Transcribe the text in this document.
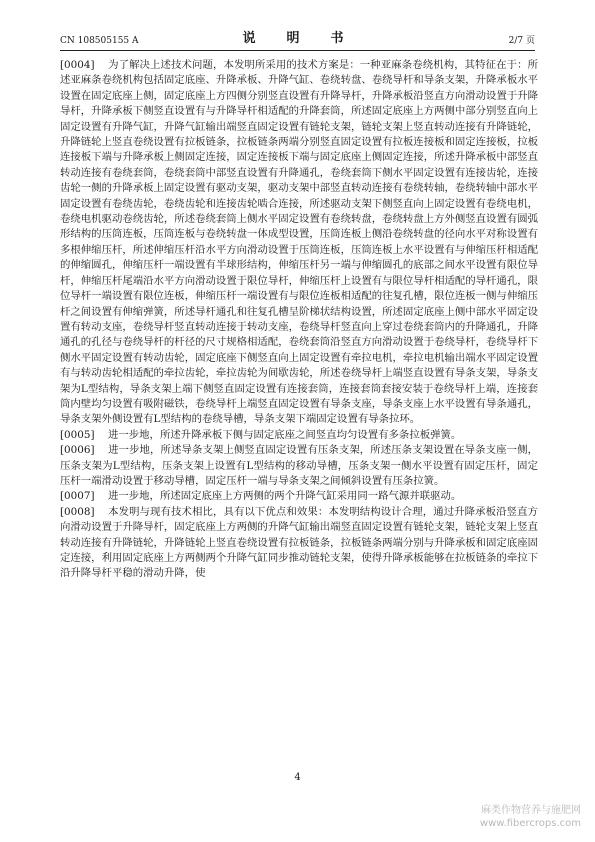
CN 108505155 A	说　明　书	2/7 页

[0004] 为了解决上述技术问题，本发明所采用的技术方案是：一种亚麻条卷绕机构，其特征在于：所述亚麻条卷绕机构包括固定底座、升降承板、升降气缸、卷绕转盘、卷绕导杆和导条支架，升降承板水平设置在固定底座上侧，固定底座上方四侧分别竖直设置有升降导杆，升降承板沿竖直方向滑动设置于升降导杆，升降承板下侧竖直设置有与升降导杆相适配的升降套筒，所述固定底座上方两侧中部分别竖直向上固定设置有升降气缸，升降气缸输出端竖直固定设置有链轮支架，链轮支架上竖直转动连接有升降链轮，升降链轮上竖直卷绕设置有拉板链条，拉板链条两端分别竖直固定设置有拉板连接板和固定连接板，拉板连接板下端与升降承板上侧固定连接，固定连接板下端与固定底座上侧固定连接，所述升降承板中部竖直转动连接有卷绕套筒，卷绕套筒中部竖直设置有升降通孔，卷绕套筒下侧水平固定设置有连接齿轮，连接齿轮一侧的升降承板上固定设置有驱动支架，驱动支架中部竖直转动连接有卷绕转轴，卷绕转轴中部水平固定设置有卷绕齿轮，卷绕齿轮和连接齿轮啮合连接，所述驱动支架下侧竖直向上固定设置有卷绕电机，卷绕电机驱动卷绕齿轮，所述卷绕套筒上侧水平固定设置有卷绕转盘，卷绕转盘上方外侧竖直设置有圆弧形结构的压筒连板，压筒连板与卷绕转盘一体成型设置，压筒连板上侧沿卷绕转盘的径向水平对称设置有多根伸缩压杆，所述伸缩压杆沿水平方向滑动设置于压筒连板，压筒连板上水平设置有与伸缩压杆相适配的伸缩圆孔，伸缩压杆一端设置有半球形结构，伸缩压杆另一端与伸缩圆孔的底部之间水平设置有限位导杆，伸缩压杆尾端沿水平方向滑动设置于限位导杆，伸缩压杆上设置有与限位导杆相适配的导杆通孔，限位导杆一端设置有限位连板，伸缩压杆一端设置有与限位连板相适配的往复孔槽，限位连板一侧与伸缩压杆之间设置有伸缩弹簧，所述导杆通孔和往复孔槽呈阶梯状结构设置，所述固定底座上侧中部水平固定设置有转动支座，卷绕导杆竖直转动连接于转动支座，卷绕导杆竖直向上穿过卷绕套筒内的升降通孔，升降通孔的孔径与卷绕导杆的杆径的尺寸规格相适配，卷绕套筒沿竖直方向滑动设置于卷绕导杆，卷绕导杆下侧水平固定设置有转动齿轮，固定底座下侧竖直向上固定设置有牵拉电机，牵拉电机输出端水平固定设置有与转动齿轮相适配的牵拉齿轮，牵拉齿轮为间歇齿轮，所述卷绕导杆上端竖直设置有导条支架，导条支架为L型结构，导条支架上端下侧竖直固定设置有连接套筒，连接套筒套接安装于卷绕导杆上端，连接套筒内壁均匀设置有吸附磁铁，卷绕导杆上端竖直固定设置有导条支座，导条支座上水平设置有导条通孔，导条支架外侧设置有L型结构的卷绕导槽，导条支架下端固定设置有导条拉环。

[0005] 进一步地，所述升降承板下侧与固定底座之间竖直均匀设置有多条拉板弹簧。

[0006] 进一步地，所述导条支架上侧竖直固定设置有压条支架，所述压条支架设置在导条支座一侧，压条支架为L型结构，压条支架上设置有L型结构的移动导槽，压条支架一侧水平设置有固定压杆，固定压杆一端滑动设置于移动导槽，固定压杆一端与导条支架之间倾斜设置有压条拉簧。

[0007] 进一步地，所述固定底座上方两侧的两个升降气缸采用同一路气源并联驱动。

[0008] 本发明与现有技术相比，具有以下优点和效果：本发明结构设计合理，通过升降承板沿竖直方向滑动设置于升降导杆，固定底座上方两侧的升降气缸输出端竖直固定设置有链轮支架，链轮支架上竖直转动连接有升降链轮，升降链轮上竖直卷绕设置有拉板链条，拉板链条两端分别与升降承板和固定底座固定连接，利用固定底座上方两侧两个升降气缸同步推动链轮支架，使得升降承板能够在拉板链条的牵拉下沿升降导杆平稳的滑动升降，使

4
麻类作物营养与施肥网
www.fibercrops.com
